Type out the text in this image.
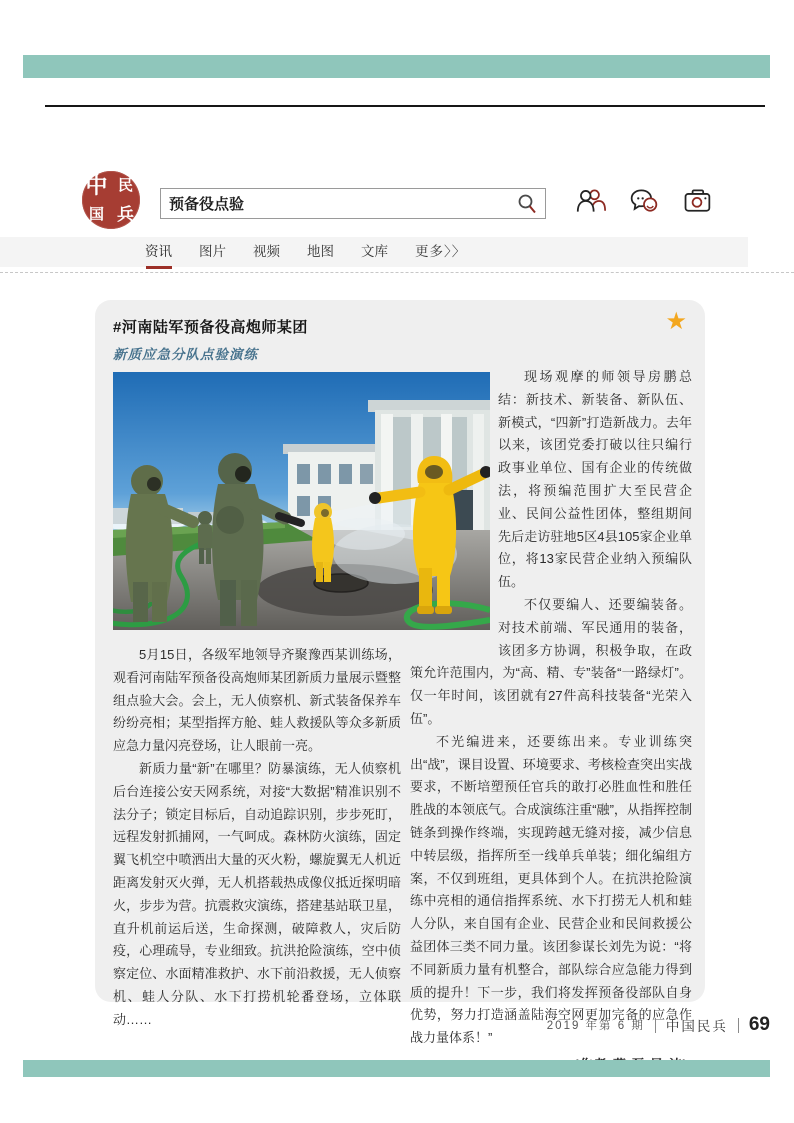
中 民
国 兵
预备役点验
资讯 图片 视频 地图 文库 更多〉〉
#河南陆军预备役高炮师某团	★
新质应急分队点验演练

现场观摩的师领导房鹏总结：新技术、新装备、新队伍、新模式，“四新”打造新战力。去年以来，该团党委打破以往只编行政事业单位、国有企业的传统做法，将预编范围扩大至民营企业、民间公益性团体，整组期间先后走访驻地5区4县105家企业单位，将13家民营企业纳入预编队伍。

不仅要编人、还要编装备。对技术前端、军民通用的装备，该团多方协调，积极争取，在政策允许范围内，为“高、精、专”装备“一路绿灯”。仅一年时间，该团就有27件高科技装备“光荣入伍”。

不光编进来，还要练出来。专业训练突出“战”，课目设置、环境要求、考核检查突出实战要求，不断培塑预任官兵的敢打必胜血性和胜任胜战的本领底气。合成演练注重“融”，从指挥控制链条到操作终端，实现跨越无缝对接，减少信息中转层级，指挥所至一线单兵单装；细化编组方案，不仅到班组，更具体到个人。在抗洪抢险演练中亮相的通信指挥系统、水下打捞无人机和蛙人分队，来自国有企业、民营企业和民间救援公益团体三类不同力量。该团参谋长刘先为说：“将不同新质力量有机整合，部队综合应急能力得到质的提升！下一步，我们将发挥预备役部队自身优势，努力打造涵盖陆海空网更加完备的应急作战力量体系！”

5月15日，各级军地领导齐聚豫西某训练场，观看河南陆军预备役高炮师某团新质力量展示暨整组点验大会。会上，无人侦察机、新式装备保养车纷纷亮相；某型指挥方舱、蛙人救援队等众多新质应急力量闪亮登场，让人眼前一亮。

新质力量“新”在哪里？防暴演练，无人侦察机后台连接公安天网系统，对接“大数据”精准识别不法分子；锁定目标后，自动追踪识别，步步死盯，远程发射抓捕网，一气呵成。森林防火演练，固定翼飞机空中喷洒出大量的灭火粉，螺旋翼无人机近距离发射灭火弹，无人机搭载热成像仪抵近探明暗火，步步为营。抗震救灾演练，搭建基站联卫星，直升机前运后送，生命探测，破障救人，灾后防疫，心理疏导，专业细致。抗洪抢险演练，空中侦察定位、水面精准救护、水下前沿救援，无人侦察机、蛙人分队、水下打捞机轮番登场，立体联动……	2019 年第 6 期 中国民兵 69
